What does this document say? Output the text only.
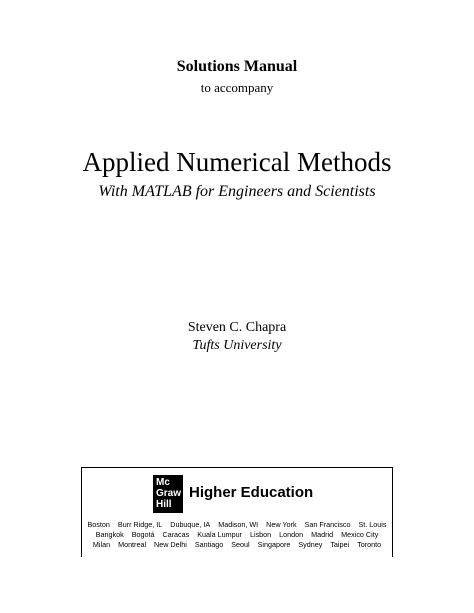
Solutions Manual
to accompany
Applied Numerical Methods
With MATLAB for Engineers and Scientists
Steven C. Chapra
Tufts University
Mc
Graw
Hill
Higher Education
Boston Burr Ridge, IL Dubuque, IA Madison, WI New York San Francisco St. Louis
Bangkok Bogotá Caracas Kuala Lumpur Lisbon London Madrid Mexico City
Milan Montreal New Delhi Santiago Seoul Singapore Sydney Taipei Toronto
